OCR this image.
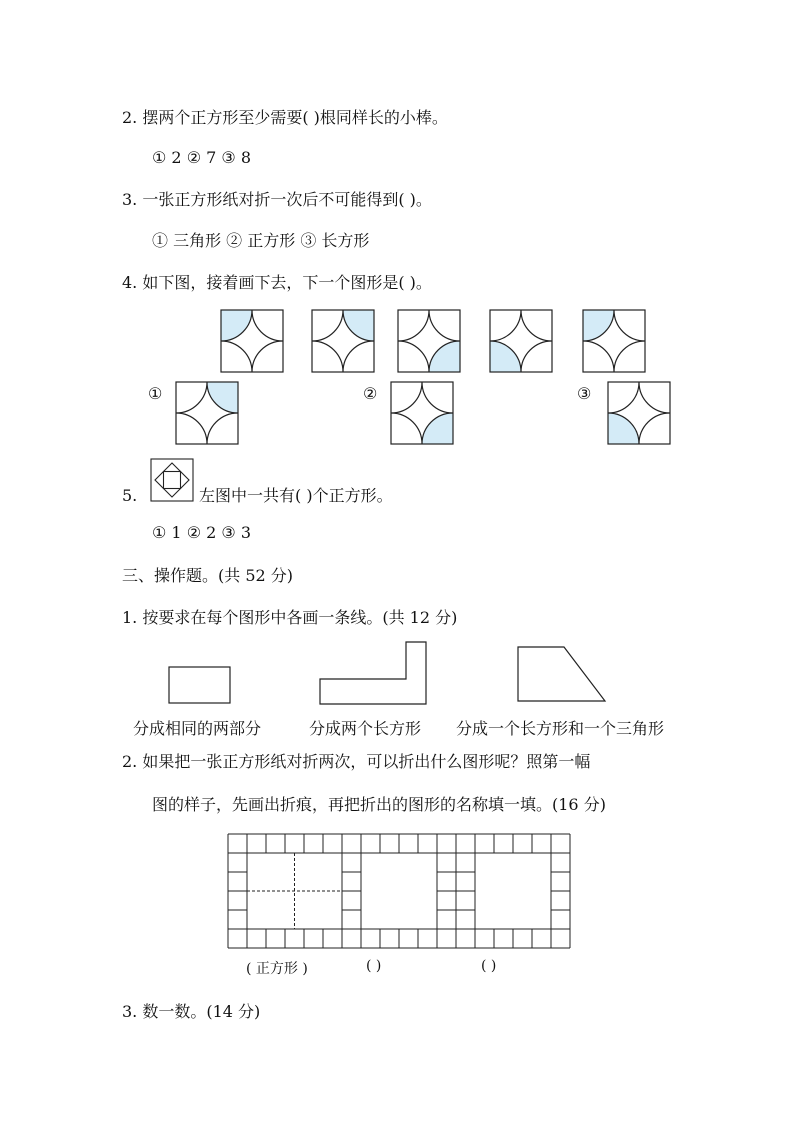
2. 摆两个正方形至少需要( )根同样长的小棒。
① 2 ② 7 ③ 8
3. 一张正方形纸对折一次后不可能得到( )。
① 三角形 ② 正方形 ③ 长方形
4. 如下图，接着画下去，下一个图形是( )。
①	②	③
5.	左图中一共有( )个正方形。
① 1 ② 2 ③ 3
三、操作题。(共 52 分)
1. 按要求在每个图形中各画一条线。(共 12 分)
分成相同的两部分	分成两个长方形 分成一个长方形和一个三角形
2. 如果把一张正方形纸对折两次，可以折出什么图形呢？照第一幅
图的样子，先画出折痕，再把折出的图形的名称填一填。(16 分)
( 正方形 )	( )	( )
3. 数一数。(14 分)
